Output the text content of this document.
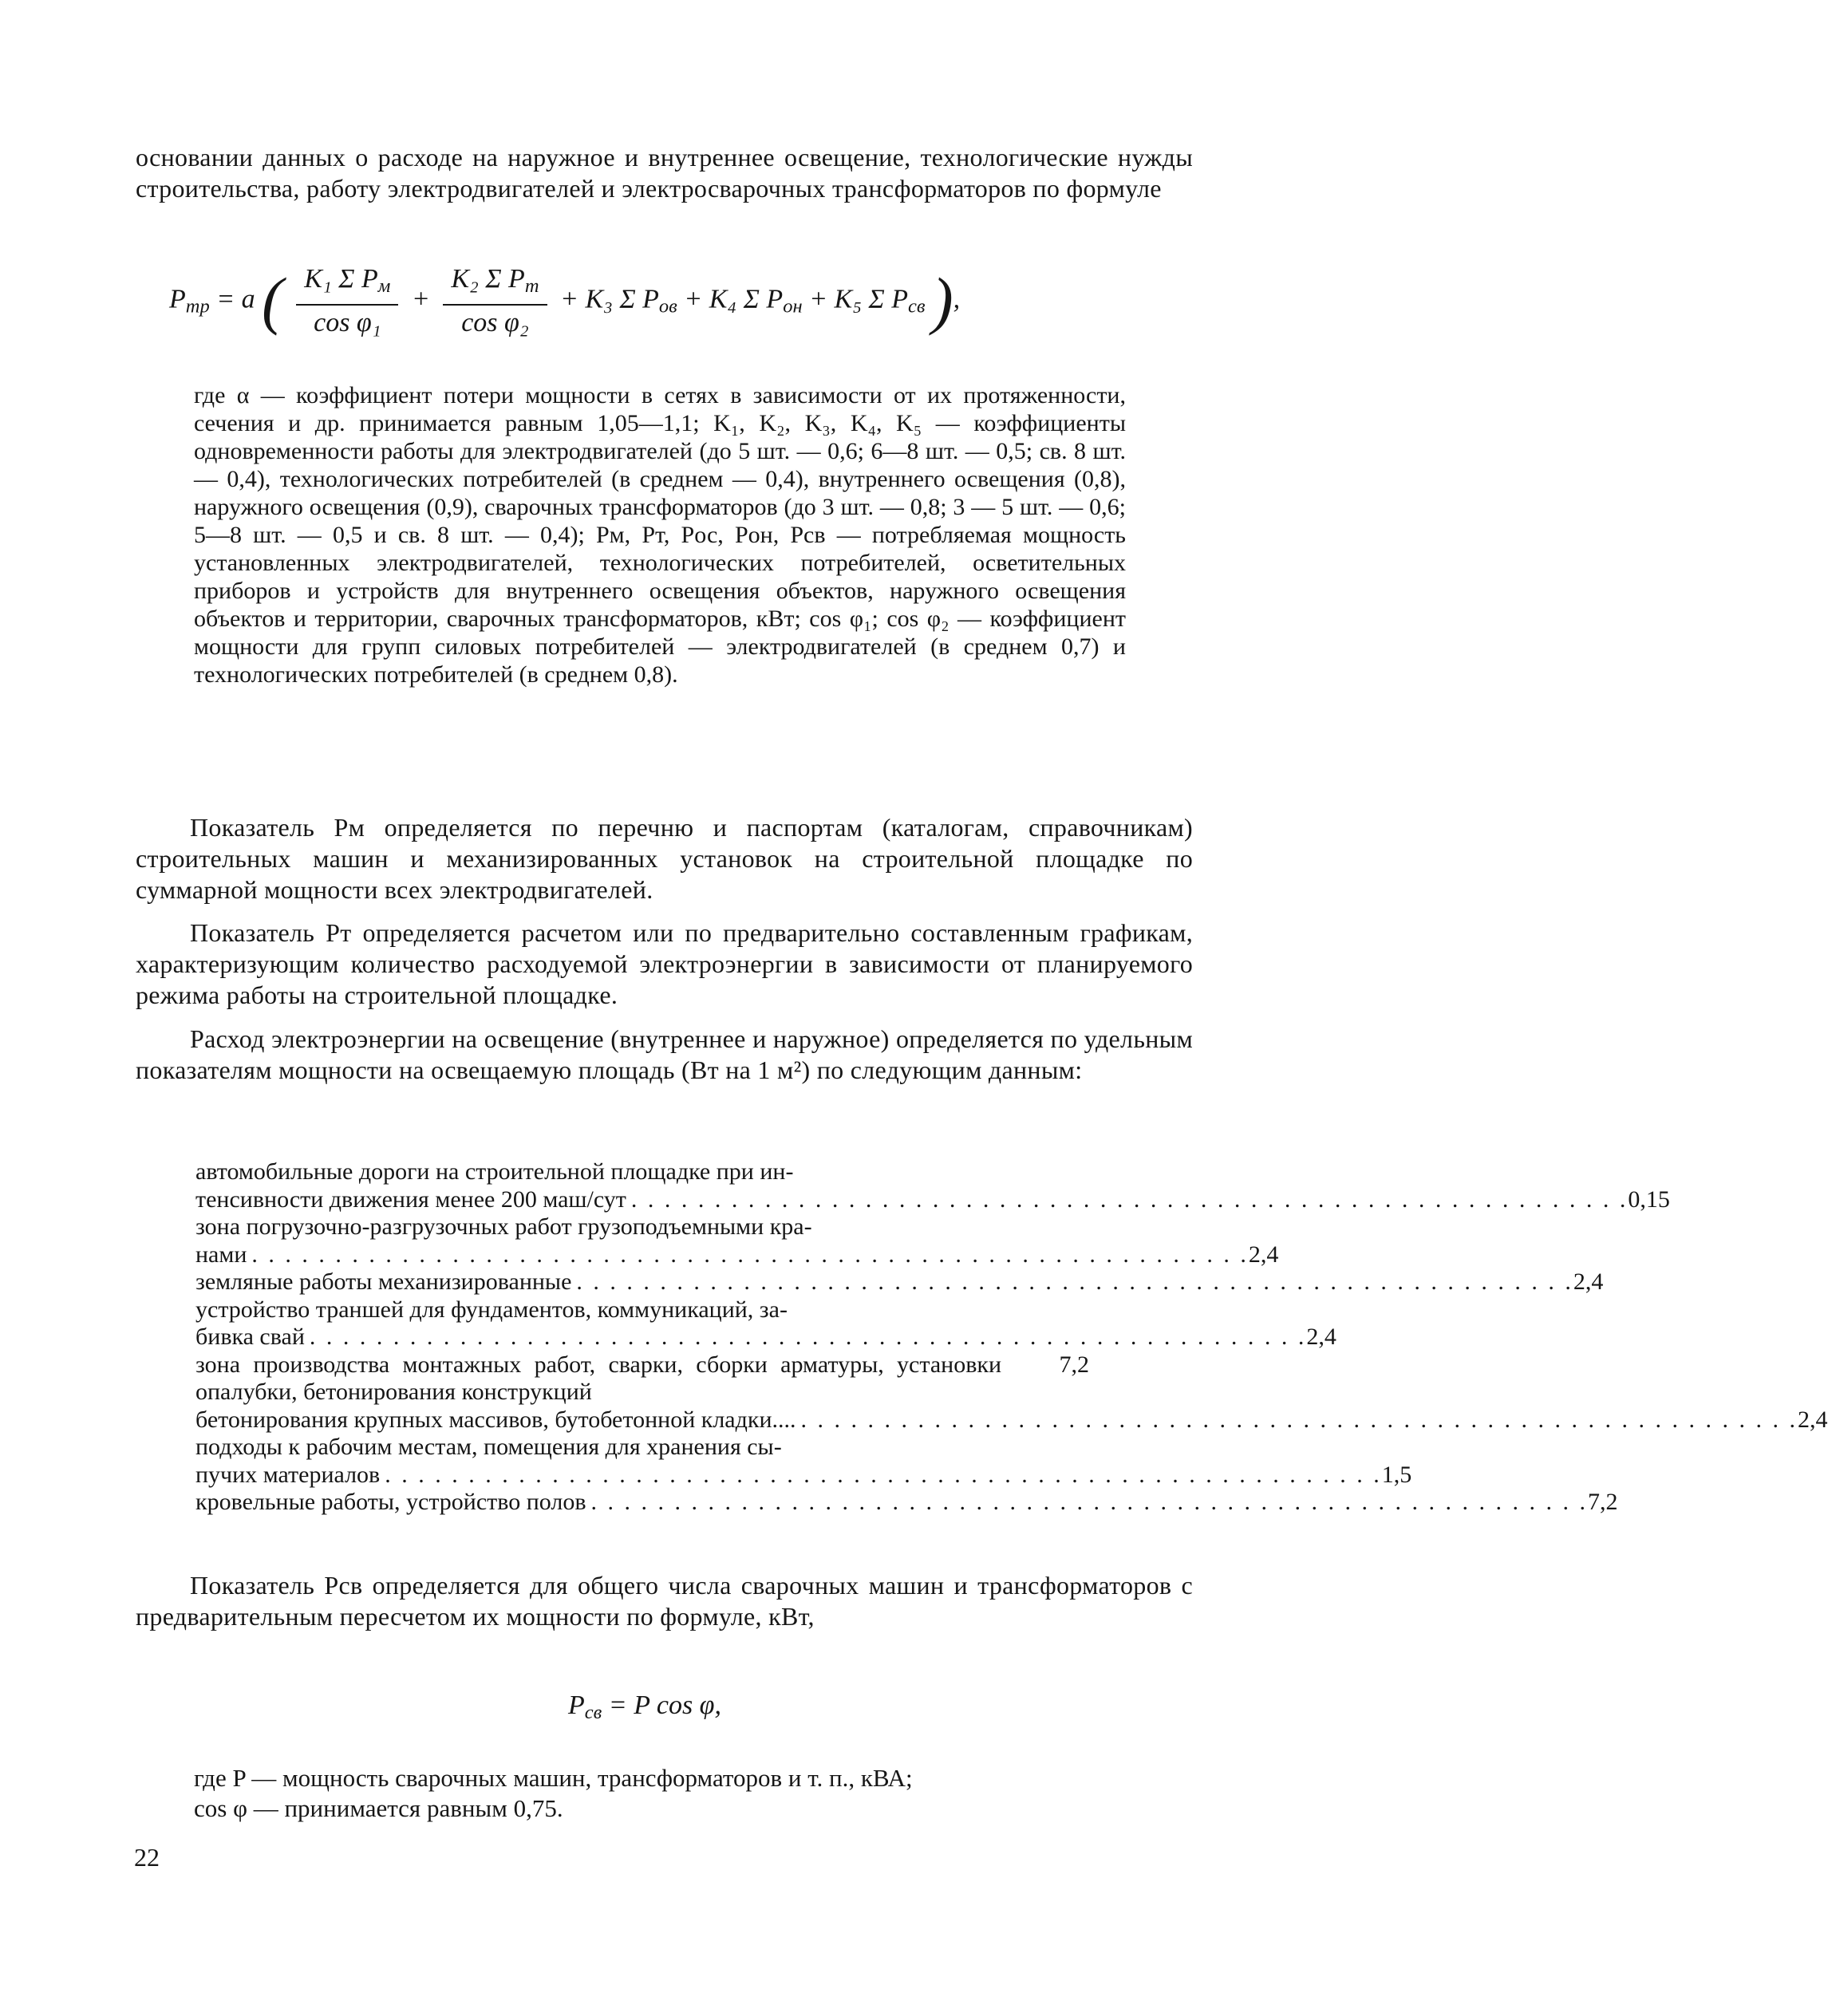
основании данных о расходе на наружное и внутреннее освещение, технологические нужды строительства, работу электродвигателей и электросварочных трансформаторов по формуле
$P_{тр} = a$ ( $\frac{K_1 \Sigma P_м}{\text{cos φ₁}} + \frac{K_2 \Sigma P_т}{\text{cos φ₂}} + K_3$ Σ $P_{ов} + K_4$ Σ $P_{он} + K_5$ Σ $P_{св}$ ),
где α — коэффициент потери мощности в сетях в зависимости от их протяженности, сечения и др. принимается равным 1,05—1,1; K₁, K₂, K₃, K₄, K₅ — коэффициенты одновременности работы для электродвигателей (до 5 шт. — 0,6; 6—8 шт. — 0,5; св. 8 шт. — 0,4), технологических потребителей (в среднем — 0,4), внутреннего освещения (0,8), наружного освещения (0,9), сварочных трансформаторов (до 3 шт. — 0,8; 3 — 5 шт. — 0,6; 5—8 шт. — 0,5 и св. 8 шт. — 0,4); Pм, Pт, Pос, Pон, Pсв — потребляемая мощность установленных электродвигателей, технологических потребителей, осветительных приборов и устройств для внутреннего освещения объектов, наружного освещения объектов и территории, сварочных трансформаторов, кВт; cos φ₁; cos φ₂ — коэффициент мощности для групп силовых потребителей — электродвигателей (в среднем 0,7) и технологических потребителей (в среднем 0,8).
Показатель Pм определяется по перечню и паспортам (каталогам, справочникам) строительных машин и механизированных установок на строительной площадке по суммарной мощности всех электродвигателей.
Показатель Pт определяется расчетом или по предварительно составленным графикам, характеризующим количество расходуемой электроэнергии в зависимости от планируемого режима работы на строительной площадке.
Расход электроэнергии на освещение (внутреннее и наружное) определяется по удельным показателям мощности на освещаемую площадь (Вт на 1 м²) по следующим данным:
автомобильные дороги на строительной площадке при ин-
тенсивности движения менее 200 маш/сут . . . . . . . . . . . . . . . . . . . . . . . . . . . . . . . . . . . . . . . . . . . . . . . . . . . . . . . . . . . . 0,15
зона погрузочно-разгрузочных работ грузоподъемными кра-
нами . . . . . . . . . . . . . . . . . . . . . . . . . . . . . . . . . . . . . . . . . . . . . . . . . . . . . . . . . . . . 2,4
земляные работы механизированные . . . . . . . . . . . . . . . . . . . . . . . . . . . . . . . . . . . . . . . . . . . . . . . . . . . . . . . . . . . . 2,4
устройство траншей для фундаментов, коммуникаций, за-
бивка свай . . . . . . . . . . . . . . . . . . . . . . . . . . . . . . . . . . . . . . . . . . . . . . . . . . . . . . . . . . . . 2,4
зона производства монтажных работ, сварки, сборки арматуры, установки опалубки, бетонирования конструкций
7,2
бетонирования крупных массивов, бутобетонной кладки.... . . . . . . . . . . . . . . . . . . . . . . . . . . . . . . . . . . . . . . . . . . . . . . . . . . . . . . . . . . . . 2,4
подходы к рабочим местам, помещения для хранения сы-
пучих материалов . . . . . . . . . . . . . . . . . . . . . . . . . . . . . . . . . . . . . . . . . . . . . . . . . . . . . . . . . . . . 1,5
кровельные работы, устройство полов . . . . . . . . . . . . . . . . . . . . . . . . . . . . . . . . . . . . . . . . . . . . . . . . . . . . . . . . . . . . 7,2
Показатель Pсв определяется для общего числа сварочных машин и трансформаторов с предварительным пересчетом их мощности по формуле, кВт,
$P_{св} = P$ cos φ,
где P — мощность сварочных машин, трансформаторов и т. п., кВА;
cos φ — принимается равным 0,75.
22
